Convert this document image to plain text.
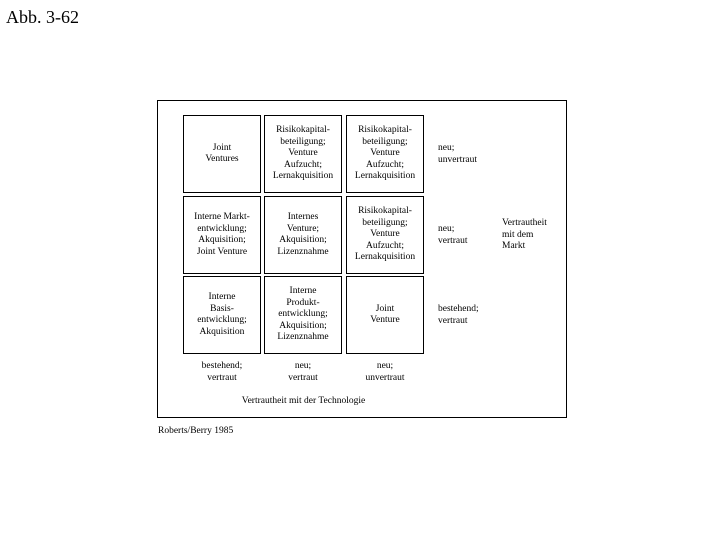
Abb. 3-62
Joint
Ventures
Risikokapital-
beteiligung;
Venture
Aufzucht;
Lernakquisition
Risikokapital-
beteiligung;
Venture
Aufzucht;
Lernakquisition
Interne Markt-
entwicklung;
Akquisition;
Joint Venture
Internes
Venture;
Akquisition;
Lizenznahme
Risikokapital-
beteiligung;
Venture
Aufzucht;
Lernakquisition
Interne
Basis-
entwicklung;
Akquisition
Interne
Produkt-
entwicklung;
Akquisition;
Lizenznahme
Joint
Venture
neu;
unvertraut
neu;
vertraut
bestehend;
vertraut
Vertrautheit
mit dem
Markt
bestehend;
vertraut
neu;
vertraut
neu;
unvertraut
Vertrautheit mit der Technologie
Roberts/Berry 1985
